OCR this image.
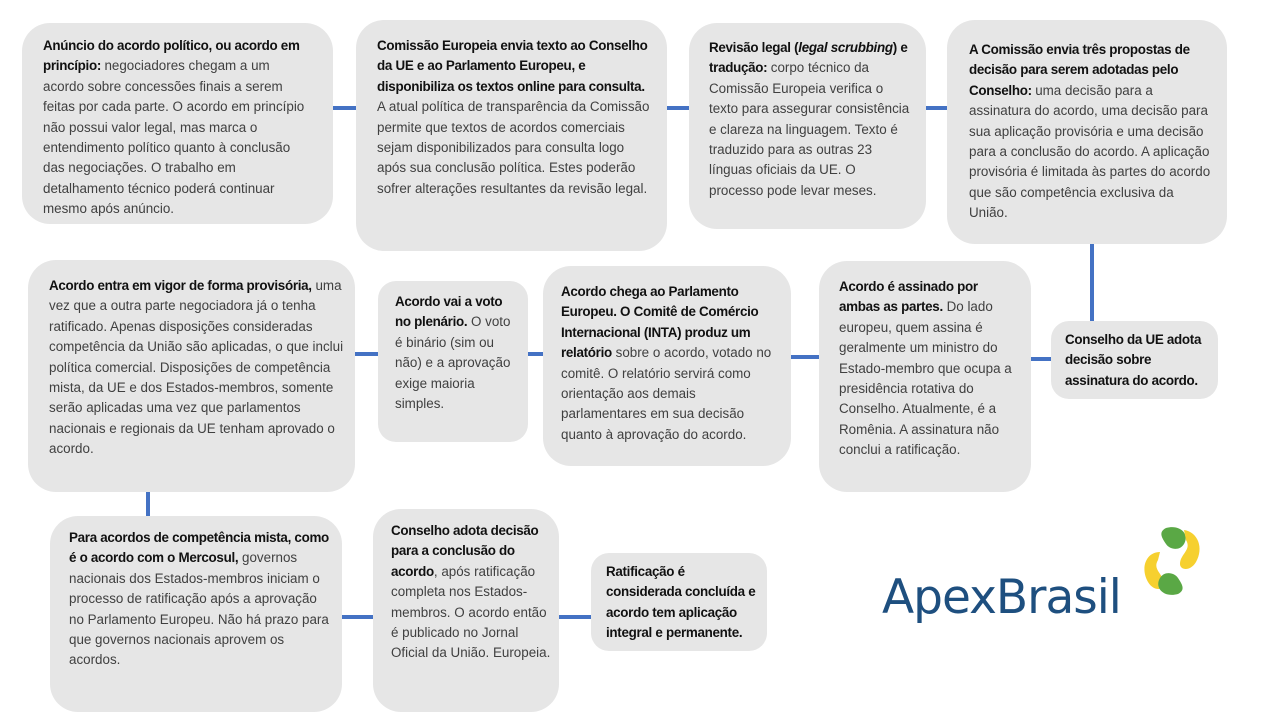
Anúncio do acordo político, ou acordo em princípio: negociadores chegam a um acordo sobre concessões finais a serem feitas por cada parte. O acordo em princípio não possui valor legal, mas marca o entendimento político quanto à conclusão das negociações. O trabalho em detalhamento técnico poderá continuar mesmo após anúncio.
Comissão Europeia envia texto ao Conselho da UE e ao Parlamento Europeu, e disponibiliza os textos online para consulta.
A atual política de transparência da Comissão permite que textos de acordos comerciais sejam disponibilizados para consulta logo após sua conclusão política. Estes poderão sofrer alterações resultantes da revisão legal.
Revisão legal (legal scrubbing) e tradução: corpo técnico da Comissão Europeia verifica o texto para assegurar consistência e clareza na linguagem. Texto é traduzido para as outras 23 línguas oficiais da UE. O processo pode levar meses.
A Comissão envia três propostas de decisão para serem adotadas pelo Conselho: uma decisão para a assinatura do acordo, uma decisão para sua aplicação provisória e uma decisão para a conclusão do acordo. A aplicação provisória é limitada às partes do acordo que são competência exclusiva da União.
Conselho da UE adota decisão sobre assinatura do acordo.
Acordo é assinado por ambas as partes. Do lado europeu, quem assina é geralmente um ministro do Estado-membro que ocupa a presidência rotativa do Conselho. Atualmente, é a Romênia. A assinatura não conclui a ratificação.
Acordo chega ao Parlamento Europeu. O Comitê de Comércio Internacional (INTA) produz um relatório sobre o acordo, votado no comitê. O relatório servirá como orientação aos demais parlamentares em sua decisão quanto à aprovação do acordo.
Acordo vai a voto no plenário. O voto é binário (sim ou não) e a aprovação exige maioria simples.
Acordo entra em vigor de forma provisória, uma vez que a outra parte negociadora já o tenha ratificado. Apenas disposições consideradas competência da União são aplicadas, o que inclui política comercial. Disposições de competência mista, da UE e dos Estados-membros, somente serão aplicadas uma vez que parlamentos nacionais e regionais da UE tenham aprovado o acordo.
Para acordos de competência mista, como é o acordo com o Mercosul, governos nacionais dos Estados-membros iniciam o processo de ratificação após a aprovação no Parlamento Europeu. Não há prazo para que governos nacionais aprovem os acordos.
Conselho adota decisão para a conclusão do acordo, após ratificação completa nos Estados-membros. O acordo então é publicado no Jornal Oficial da União. Europeia.
Ratificação é considerada concluída e acordo tem aplicação integral e permanente.
ApexBrasil
